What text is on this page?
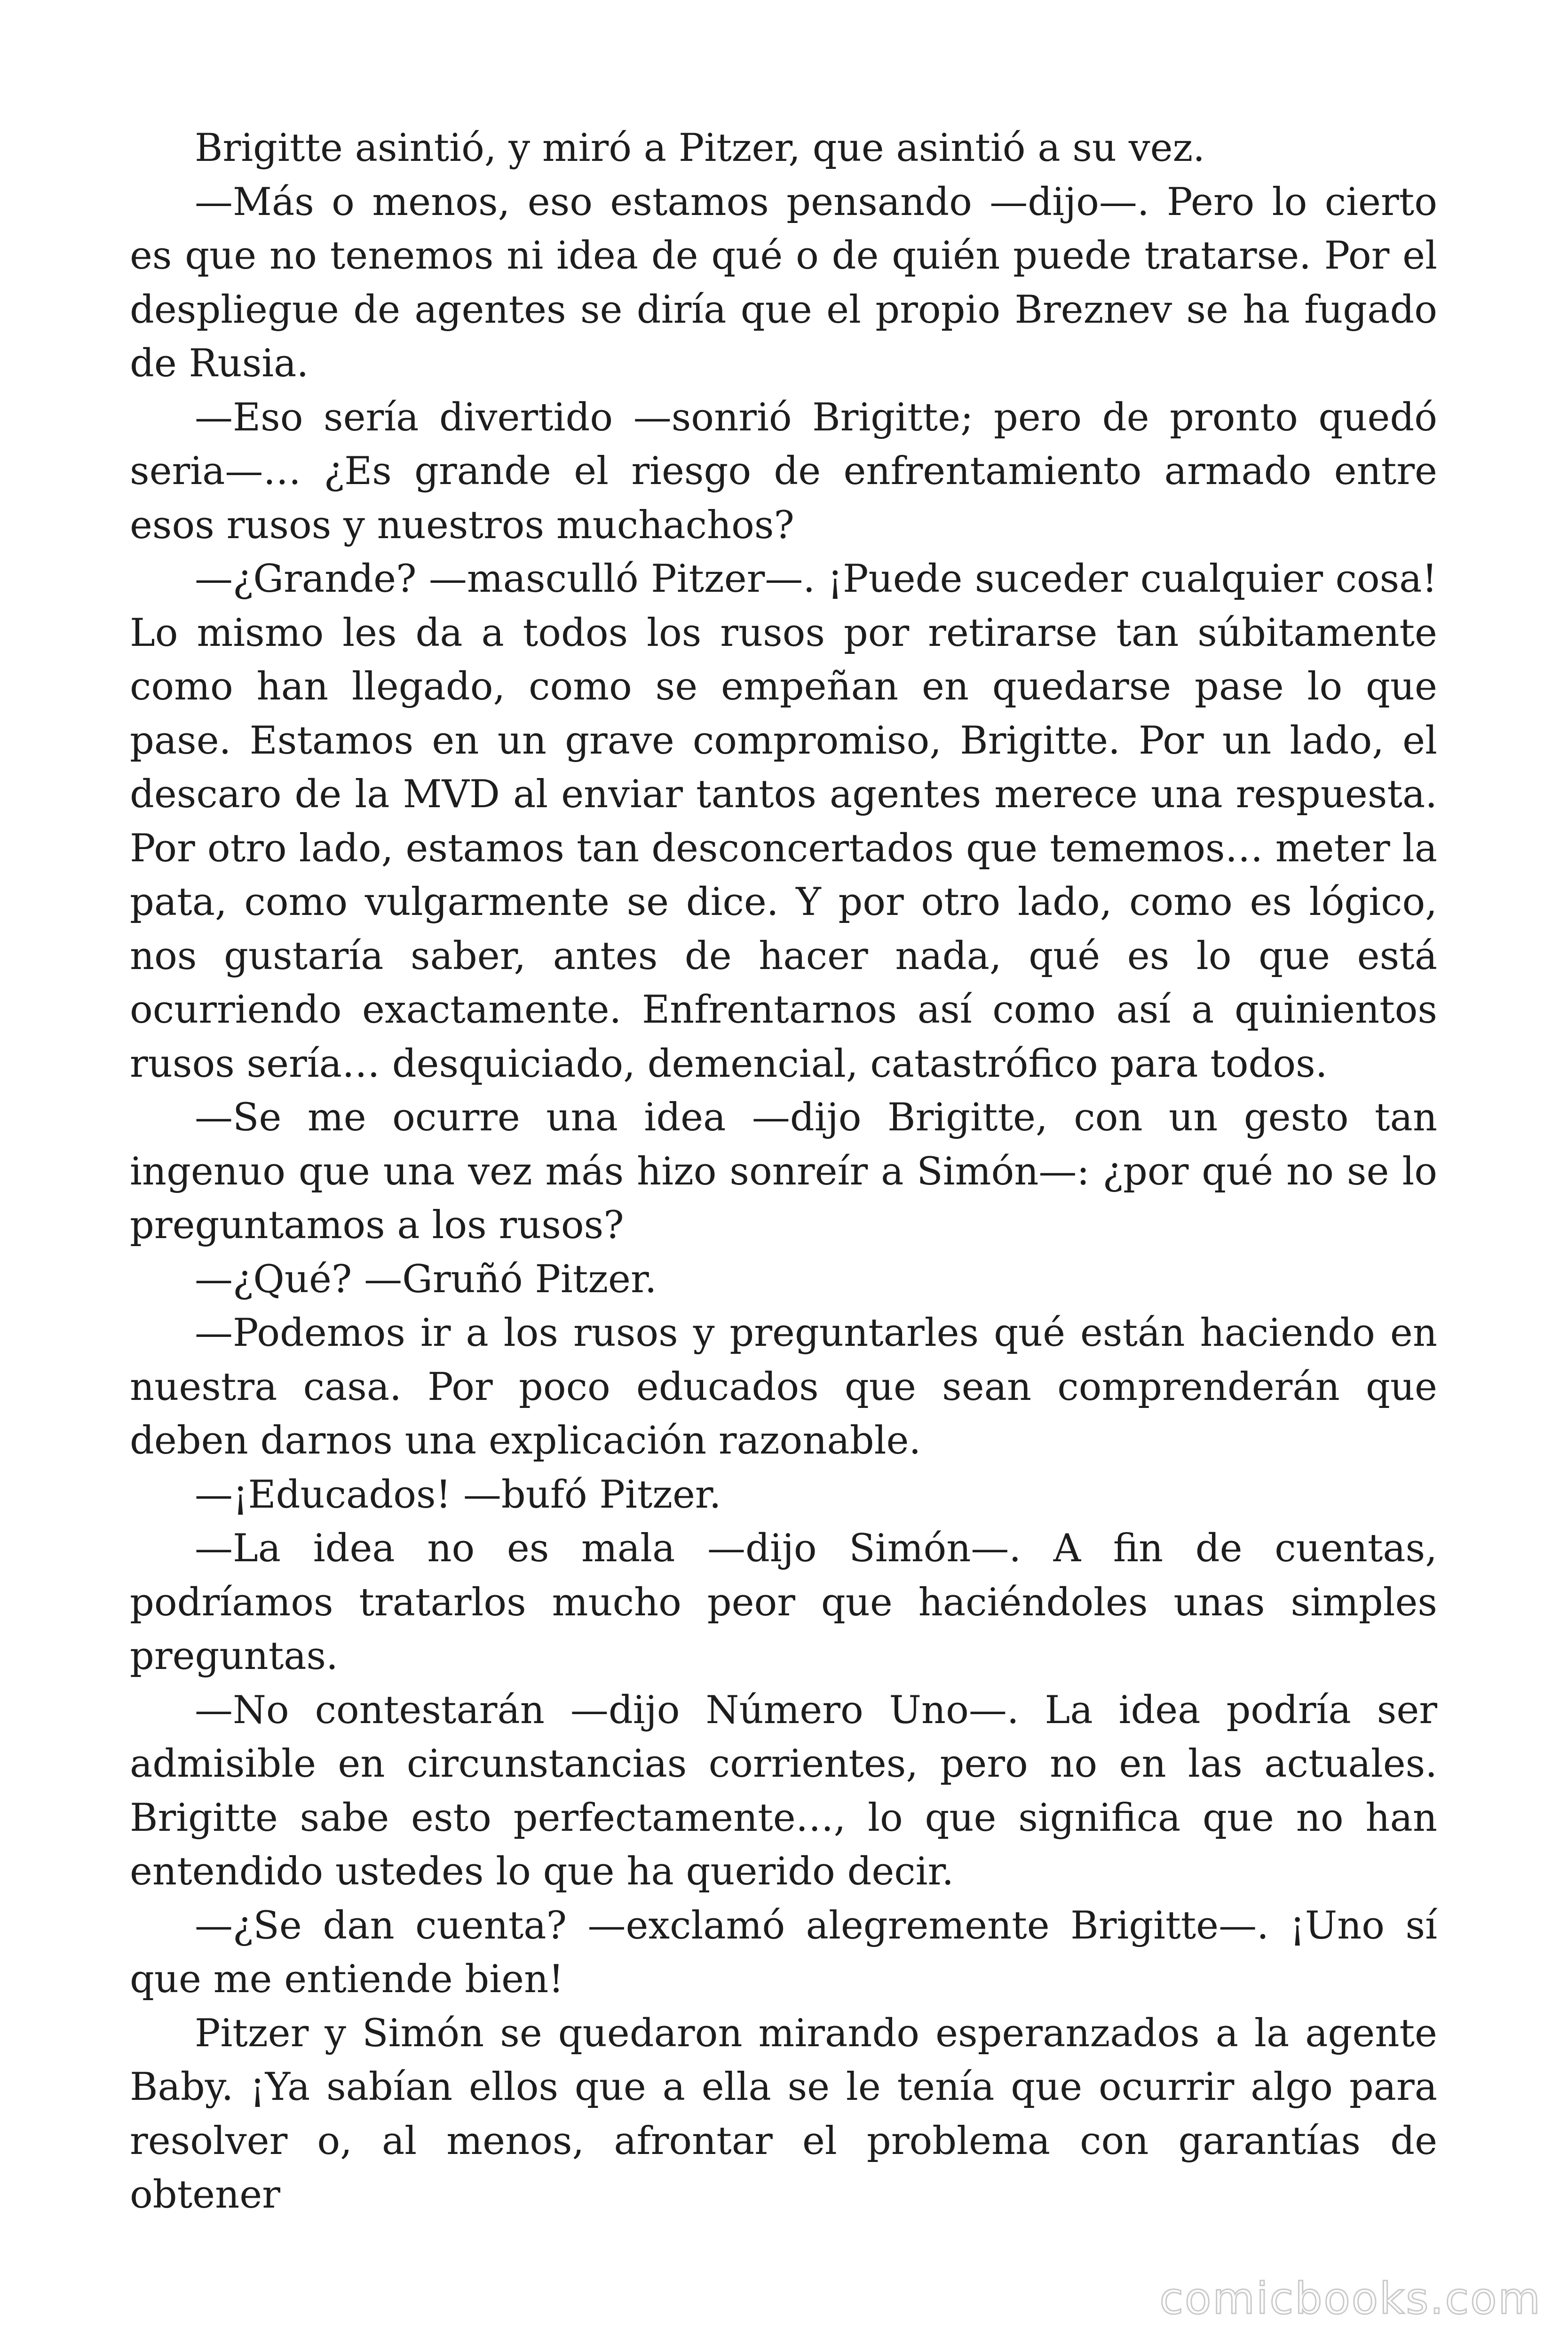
Brigitte asintió, y miró a Pitzer, que asintió a su vez.

—Más o menos, eso estamos pensando —dijo—. Pero lo cierto es que no tenemos ni idea de qué o de quién puede tratarse. Por el despliegue de agentes se diría que el propio Breznev se ha fugado de Rusia.

—Eso sería divertido —sonrió Brigitte; pero de pronto quedó seria—… ¿Es grande el riesgo de enfrentamiento armado entre esos rusos y nuestros muchachos?

—¿Grande? —masculló Pitzer—. ¡Puede suceder cualquier cosa! Lo mismo les da a todos los rusos por retirarse tan súbitamente como han llegado, como se empeñan en quedarse pase lo que pase. Estamos en un grave compromiso, Brigitte. Por un lado, el descaro de la MVD al enviar tantos agentes merece una respuesta. Por otro lado, estamos tan desconcertados que tememos… meter la pata, como vulgarmente se dice. Y por otro lado, como es lógico, nos gustaría saber, antes de hacer nada, qué es lo que está ocurriendo exactamente. Enfrentarnos así como así a quinientos rusos sería… desquiciado, demencial, catastrófico para todos.

—Se me ocurre una idea —dijo Brigitte, con un gesto tan ingenuo que una vez más hizo sonreír a Simón—: ¿por qué no se lo preguntamos a los rusos?

—¿Qué? —Gruñó Pitzer.

—Podemos ir a los rusos y preguntarles qué están haciendo en nuestra casa. Por poco educados que sean comprenderán que deben darnos una explicación razonable.

—¡Educados! —bufó Pitzer.

—La idea no es mala —dijo Simón—. A fin de cuentas, podríamos tratarlos mucho peor que haciéndoles unas simples preguntas.

—No contestarán —dijo Número Uno—. La idea podría ser admisible en circunstancias corrientes, pero no en las actuales. Brigitte sabe esto perfectamente…, lo que significa que no han entendido ustedes lo que ha querido decir.

—¿Se dan cuenta? —exclamó alegremente Brigitte—. ¡Uno sí que me entiende bien!

Pitzer y Simón se quedaron mirando esperanzados a la agente Baby. ¡Ya sabían ellos que a ella se le tenía que ocurrir algo para resolver o, al menos, afrontar el problema con garantías de obtener

comicbooks.com
